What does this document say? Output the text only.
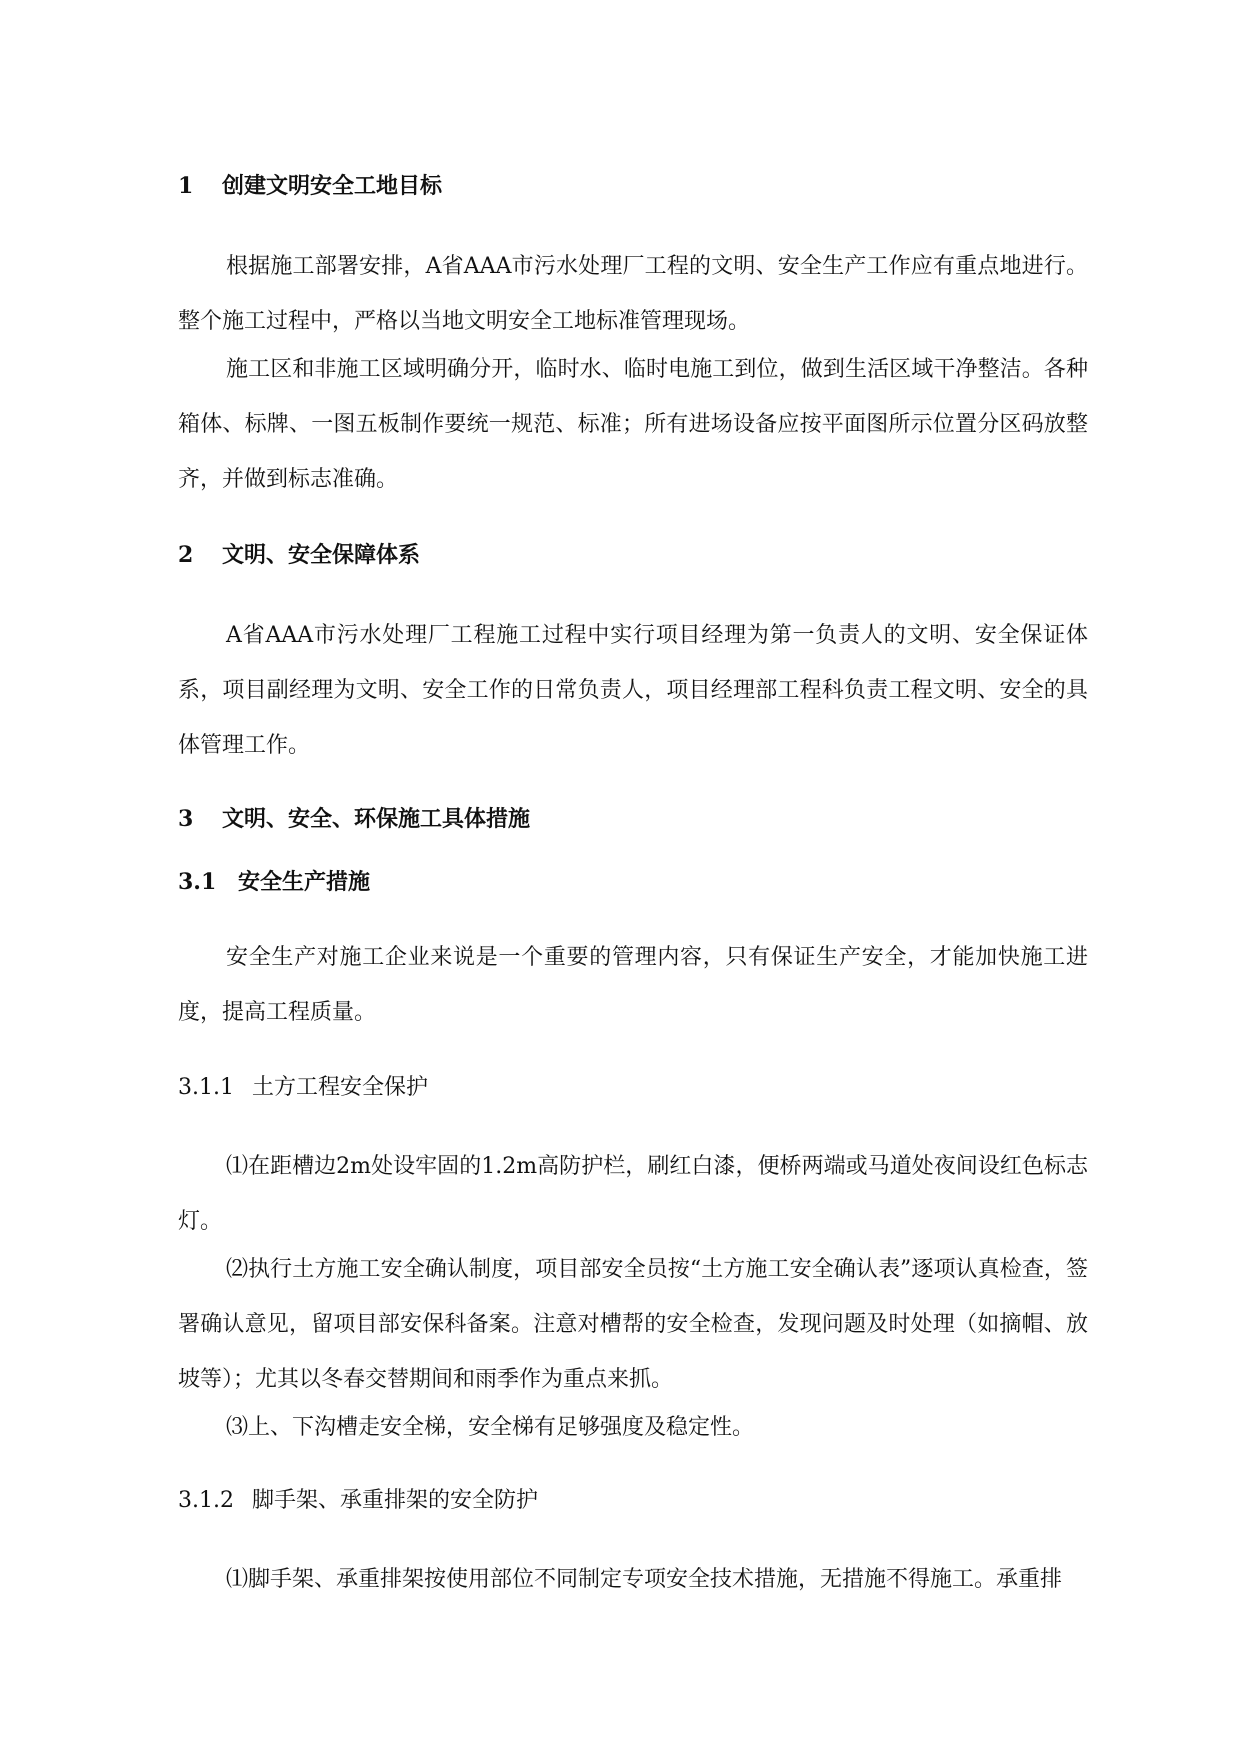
1 创建文明安全工地目标

根据施工部署安排，A省AAA市污水处理厂工程的文明、安全生产工作应有重点地进行。整个施工过程中，严格以当地文明安全工地标准管理现场。

施工区和非施工区域明确分开，临时水、临时电施工到位，做到生活区域干净整洁。各种箱体、标牌、一图五板制作要统一规范、标准；所有进场设备应按平面图所示位置分区码放整齐，并做到标志准确。

2 文明、安全保障体系

A省AAA市污水处理厂工程施工过程中实行项目经理为第一负责人的文明、安全保证体系，项目副经理为文明、安全工作的日常负责人，项目经理部工程科负责工程文明、安全的具体管理工作。

3 文明、安全、环保施工具体措施
3.1 安全生产措施

安全生产对施工企业来说是一个重要的管理内容，只有保证生产安全，才能加快施工进度，提高工程质量。

3.1.1 土方工程安全保护

⑴在距槽边2m处设牢固的1.2m高防护栏，刷红白漆，便桥两端或马道处夜间设红色标志灯。

⑵执行土方施工安全确认制度，项目部安全员按“土方施工安全确认表”逐项认真检查，签署确认意见，留项目部安保科备案。注意对槽帮的安全检查，发现问题及时处理（如摘帽、放坡等）；尤其以冬春交替期间和雨季作为重点来抓。

⑶上、下沟槽走安全梯，安全梯有足够强度及稳定性。

3.1.2 脚手架、承重排架的安全防护

⑴脚手架、承重排架按使用部位不同制定专项安全技术措施，无措施不得施工。承重排
